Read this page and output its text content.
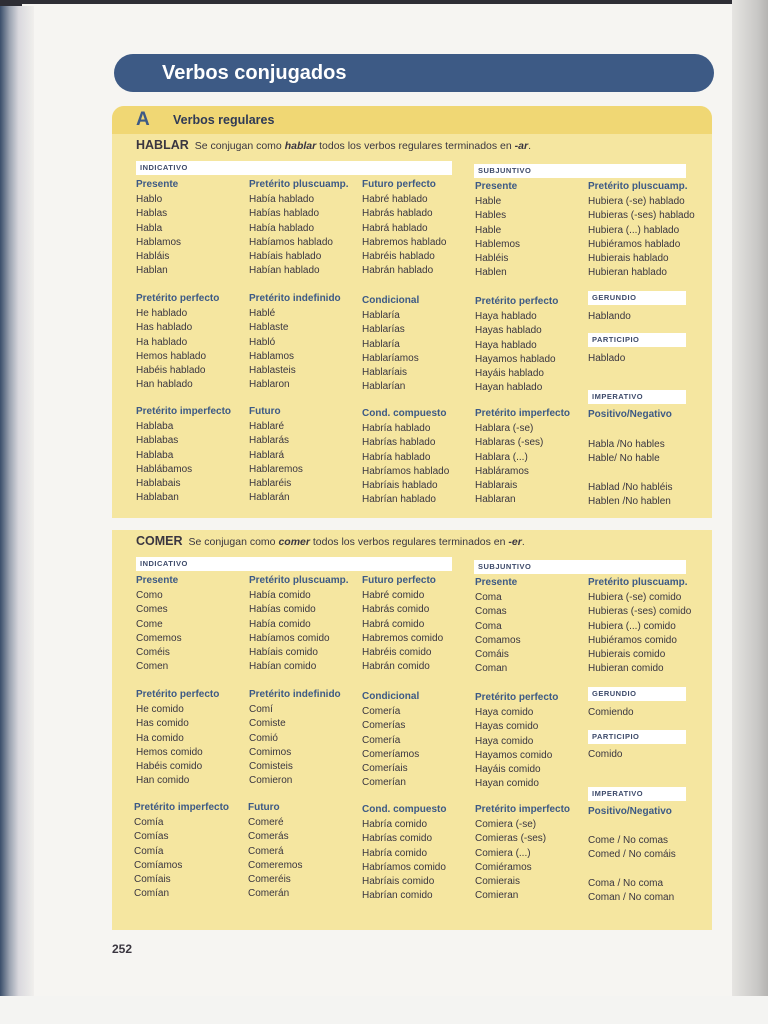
Verbos conjugados
A Verbos regulares
HABLAR Se conjugan como hablar todos los verbos regulares terminados en -ar.
INDICATIVO	SUBJUNTIVO
Presente
Hablo
Hablas
Habla
Hablamos
Habláis
Hablan
Pretérito pluscuamp.
Había hablado
Habías hablado
Había hablado
Habíamos hablado
Habíais hablado
Habían hablado
Futuro perfecto
Habré hablado
Habrás hablado
Habrá hablado
Habremos hablado
Habréis hablado
Habrán hablado
Presente
Hable
Hables
Hable
Hablemos
Habléis
Hablen
Pretérito pluscuamp.
Hubiera (-se) hablado
Hubieras (-ses) hablado
Hubiera (...) hablado
Hubiéramos hablado
Hubierais hablado
Hubieran hablado
Pretérito perfecto
He hablado
Has hablado
Ha hablado
Hemos hablado
Habéis hablado
Han hablado
Pretérito indefinido
Hablé
Hablaste
Habló
Hablamos
Hablasteis
Hablaron
Condicional
Hablaría
Hablarías
Hablaría
Hablaríamos
Hablaríais
Hablarían
Pretérito perfecto
Haya hablado
Hayas hablado
Haya hablado
Hayamos hablado
Hayáis hablado
Hayan hablado
GERUNDIO
Hablando
PARTICIPIO
Hablado
Pretérito imperfecto
Hablaba
Hablabas
Hablaba
Hablábamos
Hablabais
Hablaban
Futuro
Hablaré
Hablarás
Hablará
Hablaremos
Hablaréis
Hablarán
Cond. compuesto
Habría hablado
Habrías hablado
Habría hablado
Habríamos hablado
Habríais hablado
Habrían hablado
Pretérito imperfecto
Hablara (-se)
Hablaras (-ses)
Hablara (...)
Habláramos
Hablarais
Hablaran
IMPERATIVO
Positivo/Negativo
Habla /No hables
Hable/ No hable

Hablad /No habléis
Hablen /No hablen
COMER Se conjugan como comer todos los verbos regulares terminados en -er.
INDICATIVO	SUBJUNTIVO
Presente
Como
Comes
Come
Comemos
Coméis
Comen
Pretérito pluscuamp.
Había comido
Habías comido
Había comido
Habíamos comido
Habíais comido
Habían comido
Futuro perfecto
Habré comido
Habrás comido
Habrá comido
Habremos comido
Habréis comido
Habrán comido
Presente
Coma
Comas
Coma
Comamos
Comáis
Coman
Pretérito pluscuamp.
Hubiera (-se) comido
Hubieras (-ses) comido
Hubiera (...) comido
Hubiéramos comido
Hubierais comido
Hubieran comido
Pretérito perfecto
He comido
Has comido
Ha comido
Hemos comido
Habéis comido
Han comido
Pretérito indefinido
Comí
Comiste
Comió
Comimos
Comisteis
Comieron
Condicional
Comería
Comerías
Comería
Comeríamos
Comeríais
Comerían
Pretérito perfecto
Haya comido
Hayas comido
Haya comido
Hayamos comido
Hayáis comido
Hayan comido
GERUNDIO
Comiendo
PARTICIPIO
Comido
Pretérito imperfecto
Comía
Comías
Comía
Comíamos
Comíais
Comían
Futuro
Comeré
Comerás
Comerá
Comeremos
Comeréis
Comerán
Cond. compuesto
Habría comido
Habrías comido
Habría comido
Habríamos comido
Habríais comido
Habrían comido
Pretérito imperfecto
Comiera (-se)
Comieras (-ses)
Comiera (...)
Comiéramos
Comierais
Comieran
IMPERATIVO
Positivo/Negativo
Come / No comas
Comed / No comáis

Coma / No coma
Coman / No coman
252
